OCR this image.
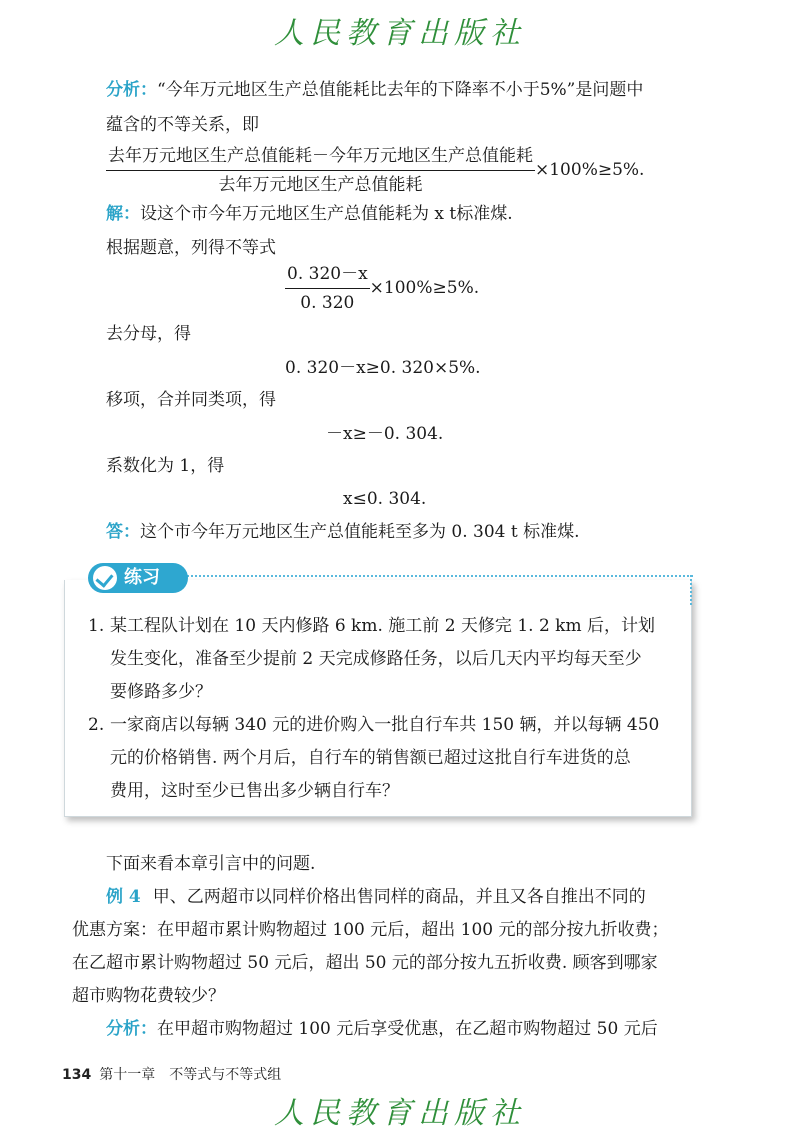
人民教育出版社
分析：“今年万元地区生产总值能耗比去年的下降率不小于5%”是问题中
蕴含的不等关系，即
$\frac{\text{去年万元地区生产总值能耗－今年万元地区生产总值能耗}}{\text{去年万元地区生产总值能耗}} \times 100\%\ge 5\%$.
解：设这个市今年万元地区生产总值能耗为 x t标准煤.
根据题意，列得不等式
$\frac{0. 320-x}{0. 320} \times 100\%\ge 5\%$.
去分母，得
0. 320－x≥0. 320×5%.
移项，合并同类项，得
－x≥－0. 304.
系数化为 1，得
x≤0. 304.
答：这个市今年万元地区生产总值能耗至多为 0. 304 t 标准煤.
练习
1. 某工程队计划在 10 天内修路 6 km. 施工前 2 天修完 1. 2 km 后，计划
发生变化，准备至少提前 2 天完成修路任务，以后几天内平均每天至少
要修路多少？
2. 一家商店以每辆 340 元的进价购入一批自行车共 150 辆，并以每辆 450
元的价格销售. 两个月后，自行车的销售额已超过这批自行车进货的总
费用，这时至少已售出多少辆自行车？
下面来看本章引言中的问题.
例 4 甲、乙两超市以同样价格出售同样的商品，并且又各自推出不同的
优惠方案：在甲超市累计购物超过 100 元后，超出 100 元的部分按九折收费；
在乙超市累计购物超过 50 元后，超出 50 元的部分按九五折收费. 顾客到哪家
超市购物花费较少？
分析：在甲超市购物超过 100 元后享受优惠，在乙超市购物超过 50 元后
134 第十一章　不等式与不等式组
人民教育出版社
